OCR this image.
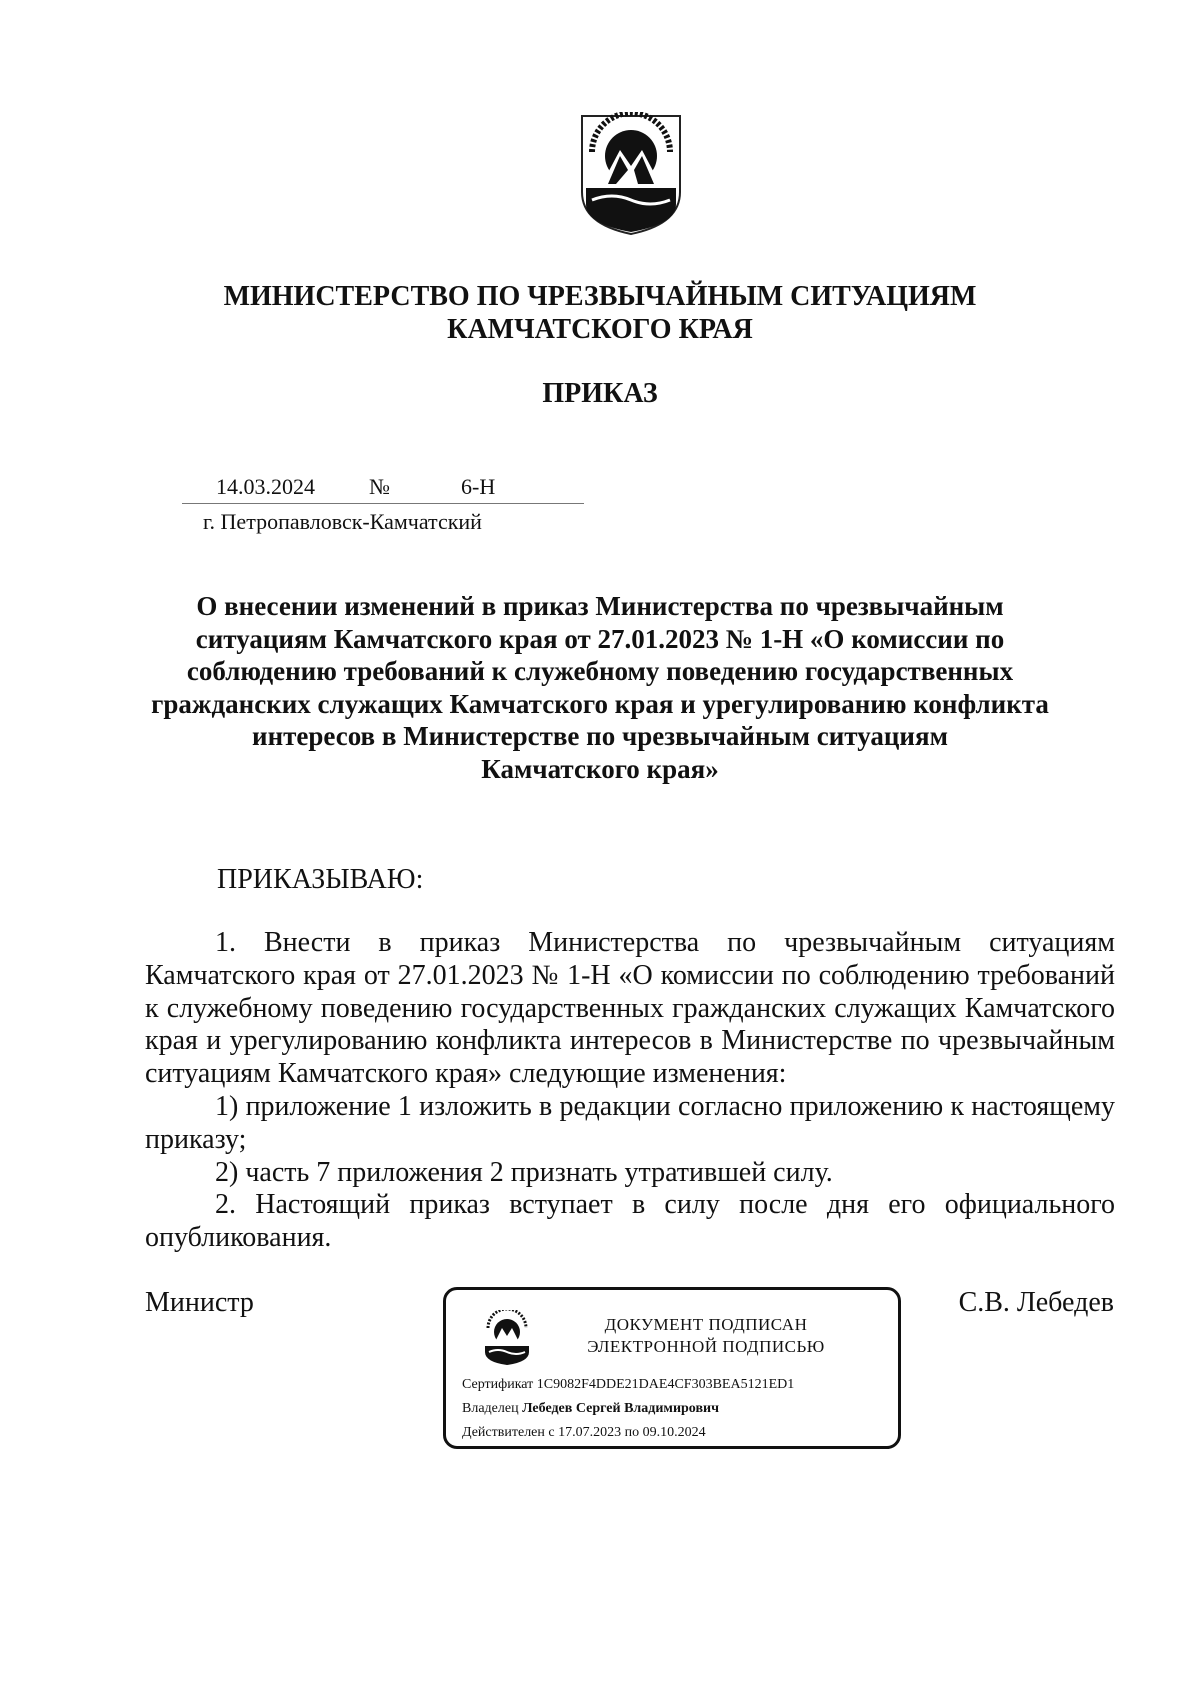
МИНИСТЕРСТВО ПО ЧРЕЗВЫЧАЙНЫМ СИТУАЦИЯМ
КАМЧАТСКОГО КРАЯ
ПРИКАЗ
14.03.2024 №	6-Н
г. Петропавловск-Камчатский
О внесении изменений в приказ Министерства по чрезвычайным
ситуациям Камчатского края от 27.01.2023 № 1-Н «О комиссии по
соблюдению требований к служебному поведению государственных
гражданских служащих Камчатского края и урегулированию конфликта
интересов в Министерстве по чрезвычайным ситуациям
Камчатского края»
ПРИКАЗЫВАЮ:

1. Внести в приказ Министерства по чрезвычайным ситуациям Камчатского края от 27.01.2023 № 1-Н «О комиссии по соблюдению требований к служебному поведению государственных гражданских служащих Камчатского края и урегулированию конфликта интересов в Министерстве по чрезвычайным ситуациям Камчатского края» следующие изменения:

1) приложение 1 изложить в редакции согласно приложению к настоящему приказу;

2) часть 7 приложения 2 признать утратившей силу.

2. Настоящий приказ вступает в силу после дня его официального опубликования.

Министр	С.В. Лебедев
ДОКУМЕНТ ПОДПИСАН
ЭЛЕКТРОННОЙ ПОДПИСЬЮ
Сертификат 1C9082F4DDE21DAE4CF303BEA5121ED1
Владелец Лебедев Сергей Владимирович
Действителен с 17.07.2023 по 09.10.2024
